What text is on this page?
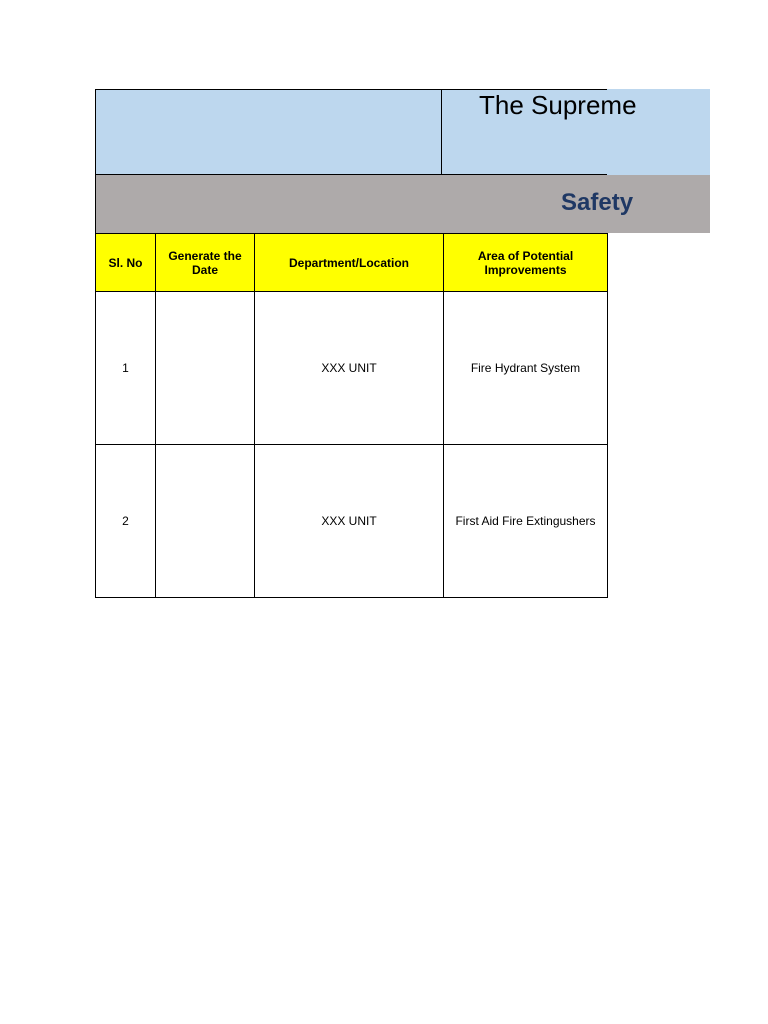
The Supreme
Safety
Sl. No	Generate the Date	Department/Location	Area of Potential Improvements
1		XXX UNIT	Fire Hydrant System
2		XXX UNIT	First Aid Fire Extingushers
